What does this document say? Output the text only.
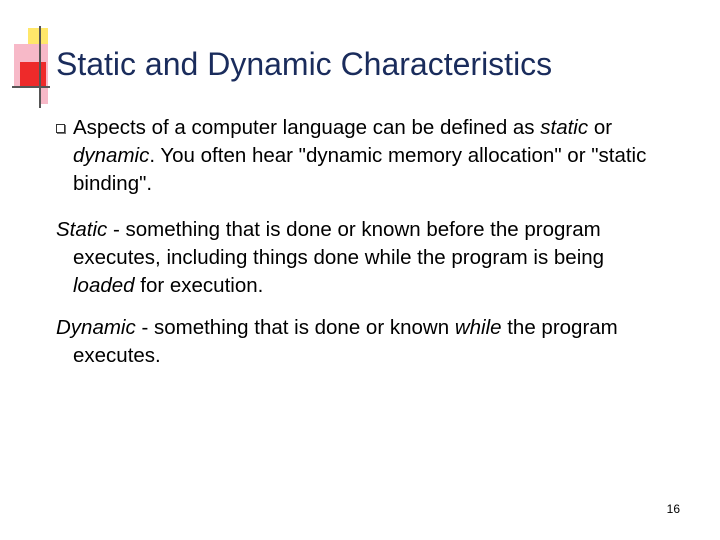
Static and Dynamic Characteristics
Aspects of a computer language can be defined as static or dynamic. You often hear "dynamic memory allocation" or "static binding".

Static - something that is done or known before the program executes, including things done while the program is being loaded for execution.

Dynamic - something that is done or known while the program executes.

16
